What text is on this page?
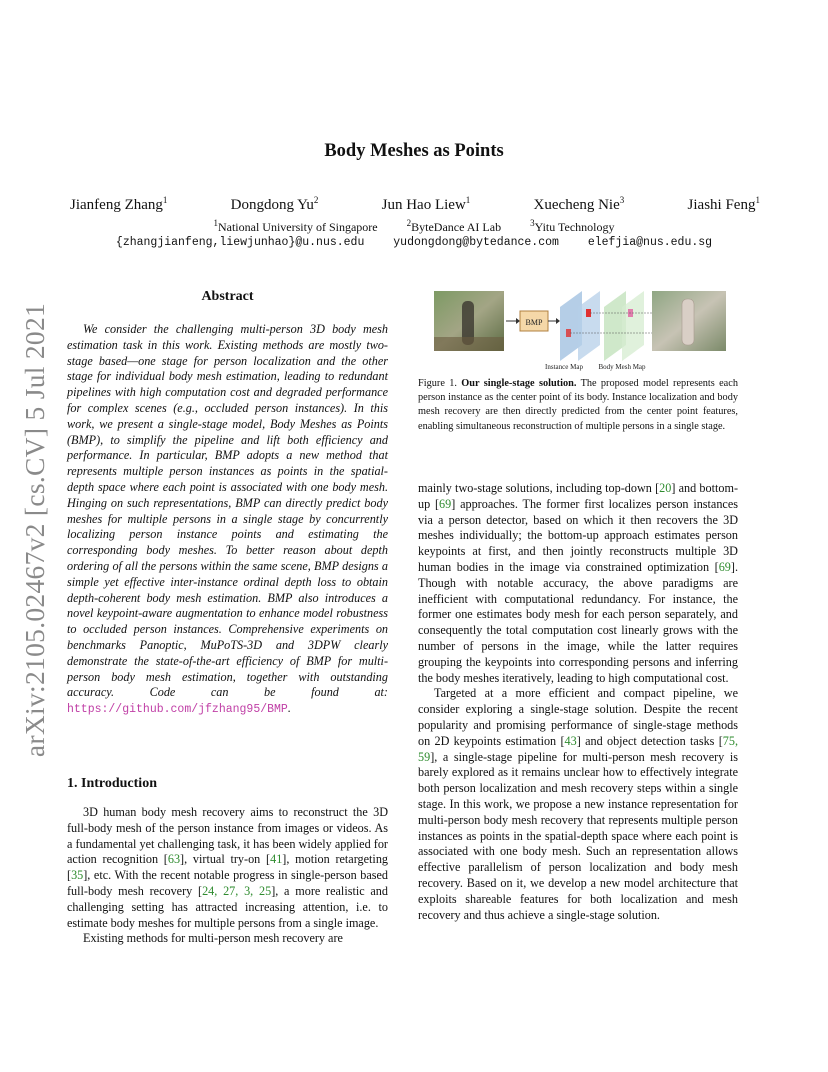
arXiv:2105.02467v2 [cs.CV] 5 Jul 2021
Body Meshes as Points
Jianfeng Zhang$^1$	Dongdong Yu$^2$	Jun Hao Liew$^1$	Xuecheng Nie$^3$	Jiashi Feng$^1$
$^1$National University of Singapore	$^2$ByteDance AI Lab	$^3$Yitu Technology
{zhangjianfeng,liewjunhao}@u.nus.edu	yudongdong@bytedance.com	elefjia@nus.edu.sg
Abstract

We consider the challenging multi-person 3D body mesh estimation task in this work. Existing methods are mostly two-stage based—one stage for person localization and the other stage for individual body mesh estimation, leading to redundant pipelines with high computation cost and degraded performance for complex scenes (e.g., occluded person instances). In this work, we present a single-stage model, Body Meshes as Points (BMP), to simplify the pipeline and lift both efficiency and performance. In particular, BMP adopts a new method that represents multiple person instances as points in the spatial-depth space where each point is associated with one body mesh. Hinging on such representations, BMP can directly predict body meshes for multiple persons in a single stage by concurrently localizing person instance points and estimating the corresponding body meshes. To better reason about depth ordering of all the persons within the same scene, BMP designs a simple yet effective inter-instance ordinal depth loss to obtain depth-coherent body mesh estimation. BMP also introduces a novel keypoint-aware augmentation to enhance model robustness to occluded person instances. Comprehensive experiments on benchmarks Panoptic, MuPoTS-3D and 3DPW clearly demonstrate the state-of-the-art efficiency of BMP for multi-person body mesh estimation, together with outstanding accuracy. Code can be found at: https://github.com/jfzhang95/BMP.

1. Introduction

3D human body mesh recovery aims to reconstruct the 3D full-body mesh of the person instance from images or videos. As a fundamental yet challenging task, it has been widely applied for action recognition [63], virtual try-on [41], motion retargeting [35], etc. With the recent notable progress in single-person based full-body mesh recovery [24, 27, 3, 25], a more realistic and challenging setting has attracted increasing attention, i.e. to estimate body meshes for multiple persons from a single image.

Existing methods for multi-person mesh recovery are

BMP
Instance Map Body Mesh Map

Figure 1. Our single-stage solution. The proposed model represents each person instance as the center point of its body. Instance localization and body mesh recovery are then directly predicted from the center point features, enabling simultaneous reconstruction of multiple persons in a single stage.

mainly two-stage solutions, including top-down [20] and bottom-up [69] approaches. The former first localizes person instances via a person detector, based on which it then recovers the 3D meshes individually; the bottom-up approach estimates person keypoints at first, and then jointly reconstructs multiple 3D human bodies in the image via constrained optimization [69]. Though with notable accuracy, the above paradigms are inefficient with computational redundancy. For instance, the former one estimates body mesh for each person separately, and consequently the total computation cost linearly grows with the number of persons in the image, while the latter requires grouping the keypoints into corresponding persons and inferring the body meshes iteratively, leading to high computational cost.

Targeted at a more efficient and compact pipeline, we consider exploring a single-stage solution. Despite the recent popularity and promising performance of single-stage methods on 2D keypoints estimation [43] and object detection tasks [75, 59], a single-stage pipeline for multi-person mesh recovery is barely explored as it remains unclear how to effectively integrate both person localization and mesh recovery steps within a single stage. In this work, we propose a new instance representation for multi-person body mesh recovery that represents multiple person instances as points in the spatial-depth space where each point is associated with one body mesh. Such an representation allows effective parallelism of person localization and body mesh recovery. Based on it, we develop a new model architecture that exploits shareable features for both localization and mesh recovery and thus achieve a single-stage solution.
